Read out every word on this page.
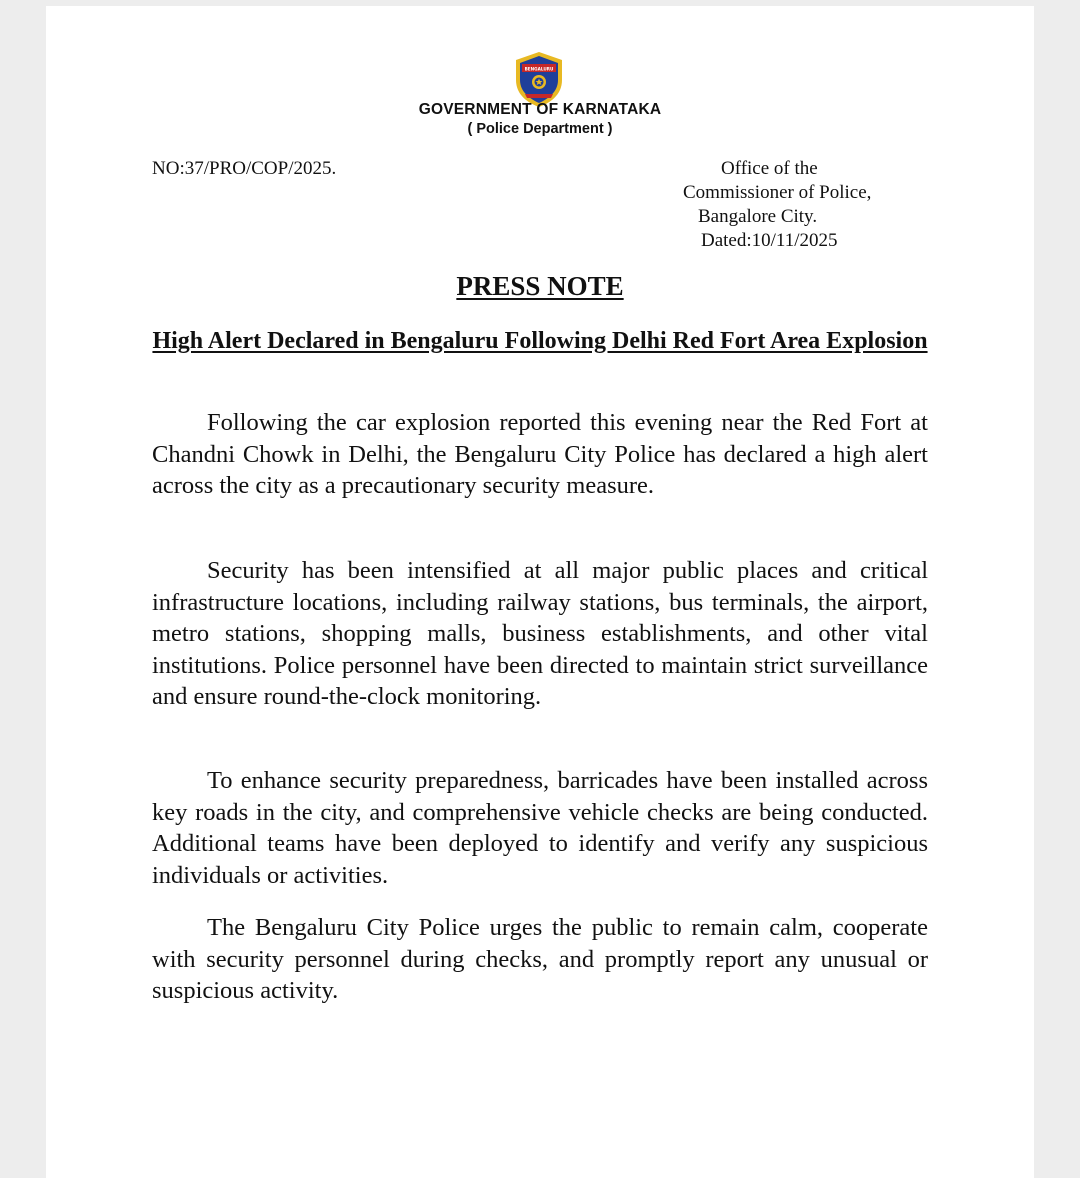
BENGALURU
GOVERNMENT OF KARNATAKA
( Police Department )
NO:37/PRO/COP/2025.	Office of the
Commissioner of Police,
Bangalore City.
Dated:10/11/2025
PRESS NOTE
High Alert Declared in Bengaluru Following Delhi Red Fort Area Explosion

Following the car explosion reported this evening near the Red Fort at Chandni Chowk in Delhi, the Bengaluru City Police has declared a high alert across the city as a precautionary security measure.

Security has been intensified at all major public places and critical infrastructure locations, including railway stations, bus terminals, the airport, metro stations, shopping malls, business establishments, and other vital institutions. Police personnel have been directed to maintain strict surveillance and ensure round-the-clock monitoring.

To enhance security preparedness, barricades have been installed across key roads in the city, and comprehensive vehicle checks are being conducted. Additional teams have been deployed to identify and verify any suspicious individuals or activities.

The Bengaluru City Police urges the public to remain calm, cooperate with security personnel during checks, and promptly report any unusual or suspicious activity.
